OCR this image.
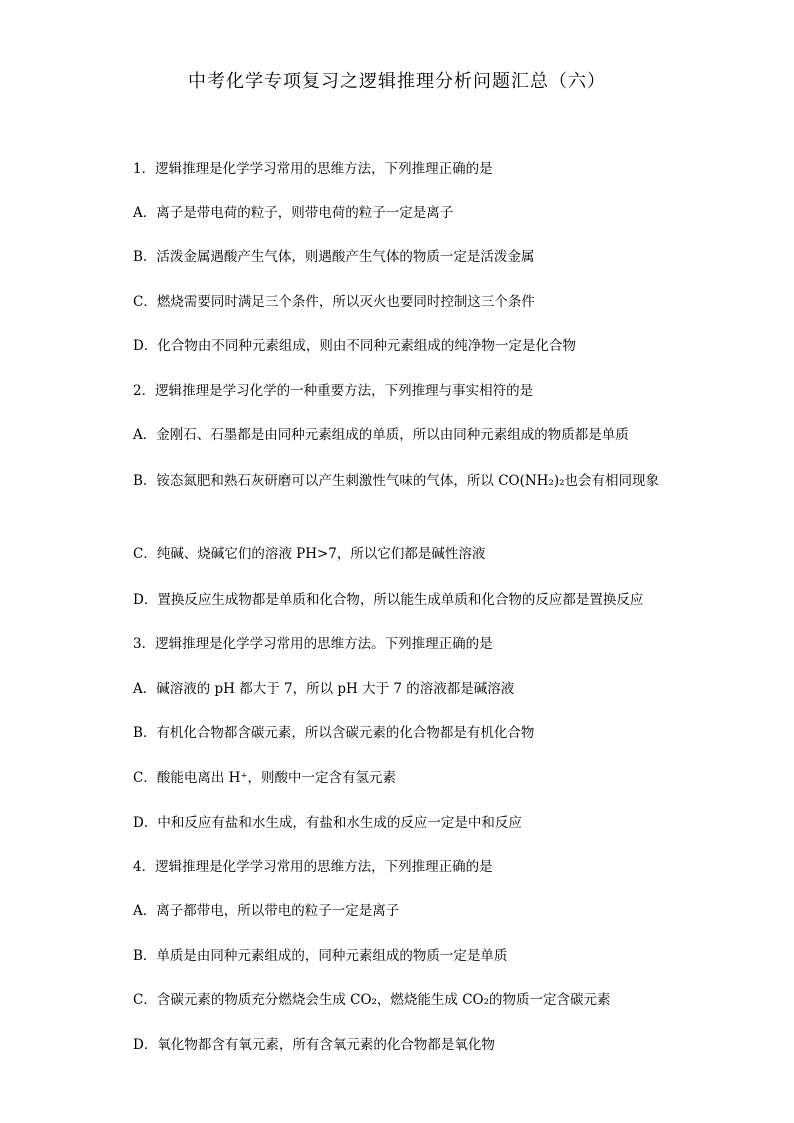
中考化学专项复习之逻辑推理分析问题汇总（六）
1．逻辑推理是化学学习常用的思维方法，下列推理正确的是
A．离子是带电荷的粒子，则带电荷的粒子一定是离子
B．活泼金属遇酸产生气体，则遇酸产生气体的物质一定是活泼金属
C．燃烧需要同时满足三个条件，所以灭火也要同时控制这三个条件
D．化合物由不同种元素组成，则由不同种元素组成的纯净物一定是化合物
2．逻辑推理是学习化学的一种重要方法，下列推理与事实相符的是
A．金刚石、石墨都是由同种元素组成的单质，所以由同种元素组成的物质都是单质
B．铵态氮肥和熟石灰研磨可以产生刺激性气味的气体，所以 CO(NH₂)₂也会有相同现象
C．纯碱、烧碱它们的溶液 PH>7，所以它们都是碱性溶液
D．置换反应生成物都是单质和化合物，所以能生成单质和化合物的反应都是置换反应
3．逻辑推理是化学学习常用的思维方法。下列推理正确的是
A．碱溶液的 pH 都大于 7，所以 pH 大于 7 的溶液都是碱溶液
B．有机化合物都含碳元素，所以含碳元素的化合物都是有机化合物
C．酸能电离出 H⁺，则酸中一定含有氢元素
D．中和反应有盐和水生成，有盐和水生成的反应一定是中和反应
4．逻辑推理是化学学习常用的思维方法，下列推理正确的是
A．离子都带电，所以带电的粒子一定是离子
B．单质是由同种元素组成的，同种元素组成的物质一定是单质
C．含碳元素的物质充分燃烧会生成 CO₂，燃烧能生成 CO₂的物质一定含碳元素
D．氧化物都含有氧元素，所有含氧元素的化合物都是氧化物
